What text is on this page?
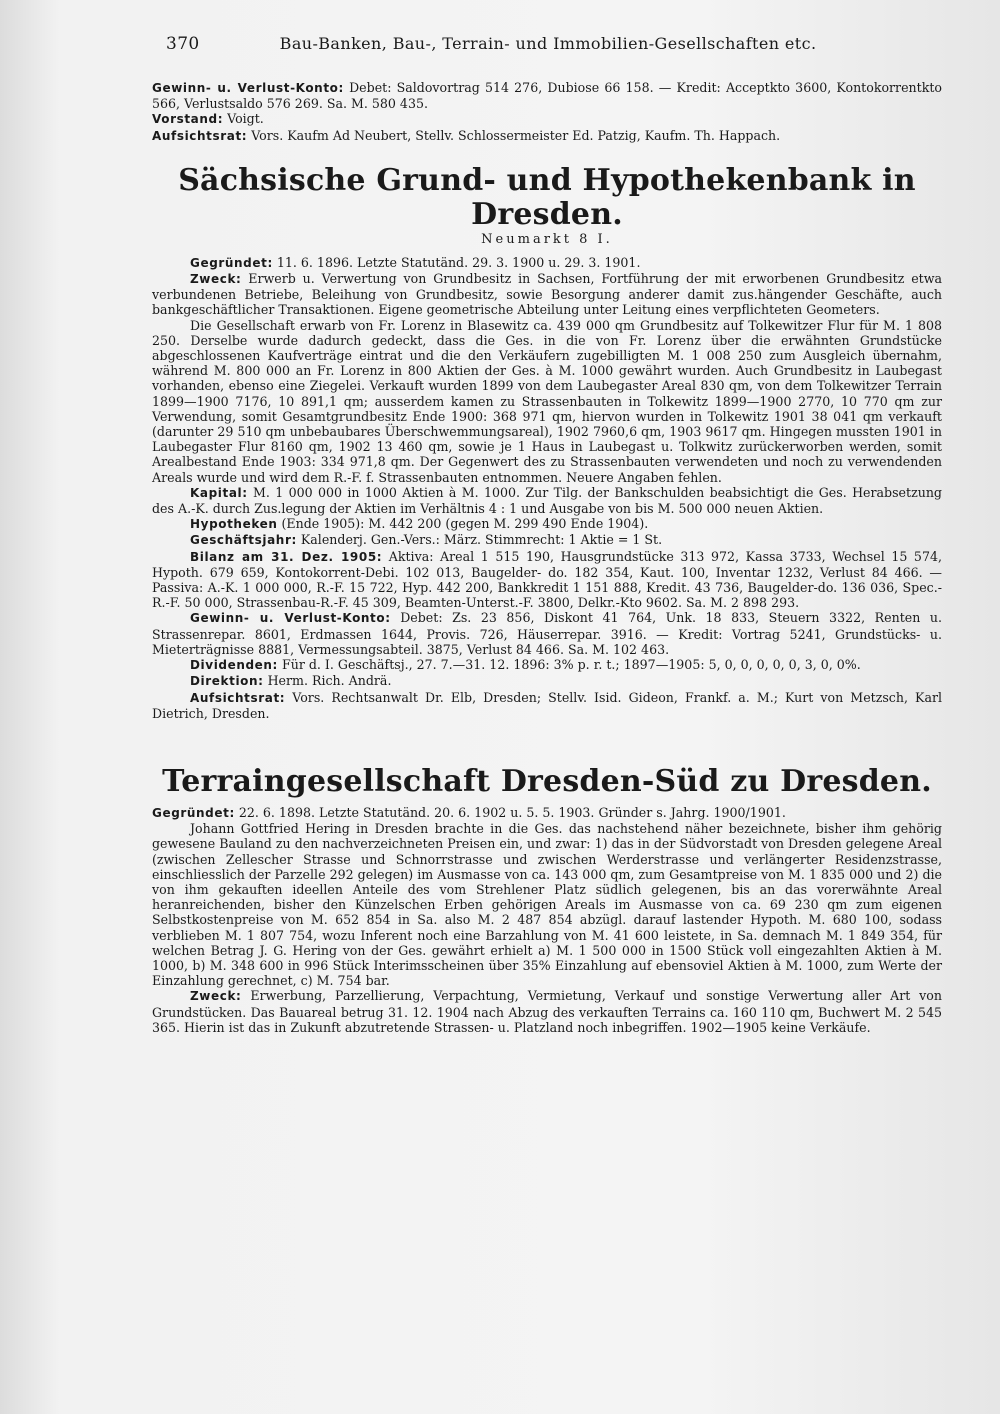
370	Bau-Banken, Bau-, Terrain- und Immobilien-Gesellschaften etc.

Gewinn- u. Verlust-Konto: Debet: Saldovortrag 514 276, Dubiose 66 158. — Kredit: Acceptkto 3600, Kontokorrentkto 566, Verlustsaldo 576 269. Sa. M. 580 435.

Vorstand: Voigt.

Aufsichtsrat: Vors. Kaufm Ad Neubert, Stellv. Schlossermeister Ed. Patzig, Kaufm. Th. Happach.

Sächsische Grund- und Hypothekenbank in Dresden.

Neumarkt 8 I.

Gegründet: 11. 6. 1896. Letzte Statutänd. 29. 3. 1900 u. 29. 3. 1901.

Zweck: Erwerb u. Verwertung von Grundbesitz in Sachsen, Fortführung der mit erworbenen Grundbesitz etwa verbundenen Betriebe, Beleihung von Grundbesitz, sowie Besorgung anderer damit zus.hängender Geschäfte, auch bankgeschäftlicher Transaktionen. Eigene geometrische Abteilung unter Leitung eines verpflichteten Geometers.

Die Gesellschaft erwarb von Fr. Lorenz in Blasewitz ca. 439 000 qm Grundbesitz auf Tolkewitzer Flur für M. 1 808 250. Derselbe wurde dadurch gedeckt, dass die Ges. in die von Fr. Lorenz über die erwähnten Grundstücke abgeschlossenen Kaufverträge eintrat und die den Verkäufern zugebilligten M. 1 008 250 zum Ausgleich übernahm, während M. 800 000 an Fr. Lorenz in 800 Aktien der Ges. à M. 1000 gewährt wurden. Auch Grundbesitz in Laubegast vorhanden, ebenso eine Ziegelei. Verkauft wurden 1899 von dem Laubegaster Areal 830 qm, von dem Tolkewitzer Terrain 1899—1900 7176, 10 891,1 qm; ausserdem kamen zu Strassenbauten in Tolkewitz 1899—1900 2770, 10 770 qm zur Verwendung, somit Gesamtgrundbesitz Ende 1900: 368 971 qm, hiervon wurden in Tolkewitz 1901 38 041 qm verkauft (darunter 29 510 qm unbebaubares Überschwemmungsareal), 1902 7960,6 qm, 1903 9617 qm. Hingegen mussten 1901 in Laubegaster Flur 8160 qm, 1902 13 460 qm, sowie je 1 Haus in Laubegast u. Tolkwitz zurückerworben werden, somit Arealbestand Ende 1903: 334 971,8 qm. Der Gegenwert des zu Strassenbauten verwendeten und noch zu verwendenden Areals wurde und wird dem R.-F. f. Strassenbauten entnommen. Neuere Angaben fehlen.

Kapital: M. 1 000 000 in 1000 Aktien à M. 1000. Zur Tilg. der Bankschulden beabsichtigt die Ges. Herabsetzung des A.-K. durch Zus.legung der Aktien im Verhältnis 4 : 1 und Ausgabe von bis M. 500 000 neuen Aktien.

Hypotheken (Ende 1905): M. 442 200 (gegen M. 299 490 Ende 1904).

Geschäftsjahr: Kalenderj. Gen.-Vers.: März. Stimmrecht: 1 Aktie = 1 St.

Bilanz am 31. Dez. 1905: Aktiva: Areal 1 515 190, Hausgrundstücke 313 972, Kassa 3733, Wechsel 15 574, Hypoth. 679 659, Kontokorrent-Debi. 102 013, Baugelder- do. 182 354, Kaut. 100, Inventar 1232, Verlust 84 466. — Passiva: A.-K. 1 000 000, R.-F. 15 722, Hyp. 442 200, Bankkredit 1 151 888, Kredit. 43 736, Baugelder-do. 136 036, Spec.-R.-F. 50 000, Strassenbau-R.-F. 45 309, Beamten-Unterst.-F. 3800, Delkr.-Kto 9602. Sa. M. 2 898 293.

Gewinn- u. Verlust-Konto: Debet: Zs. 23 856, Diskont 41 764, Unk. 18 833, Steuern 3322, Renten u. Strassenrepar. 8601, Erdmassen 1644, Provis. 726, Häuserrepar. 3916. — Kredit: Vortrag 5241, Grundstücks- u. Mieterträgnisse 8881, Vermessungsabteil. 3875, Verlust 84 466. Sa. M. 102 463.

Dividenden: Für d. I. Geschäftsj., 27. 7.—31. 12. 1896: 3% p. r. t.; 1897—1905: 5, 0, 0, 0, 0, 0, 3, 0, 0%.

Direktion: Herm. Rich. Andrä.

Aufsichtsrat: Vors. Rechtsanwalt Dr. Elb, Dresden; Stellv. Isid. Gideon, Frankf. a. M.; Kurt von Metzsch, Karl Dietrich, Dresden.

Terraingesellschaft Dresden-Süd zu Dresden.

Gegründet: 22. 6. 1898. Letzte Statutänd. 20. 6. 1902 u. 5. 5. 1903. Gründer s. Jahrg. 1900/1901.

Johann Gottfried Hering in Dresden brachte in die Ges. das nachstehend näher bezeichnete, bisher ihm gehörig gewesene Bauland zu den nachverzeichneten Preisen ein, und zwar: 1) das in der Südvorstadt von Dresden gelegene Areal (zwischen Zellescher Strasse und Schnorrstrasse und zwischen Werderstrasse und verlängerter Residenzstrasse, einschliesslich der Parzelle 292 gelegen) im Ausmasse von ca. 143 000 qm, zum Gesamtpreise von M. 1 835 000 und 2) die von ihm gekauften ideellen Anteile des vom Strehlener Platz südlich gelegenen, bis an das vorerwähnte Areal heranreichenden, bisher den Künzelschen Erben gehörigen Areals im Ausmasse von ca. 69 230 qm zum eigenen Selbstkostenpreise von M. 652 854 in Sa. also M. 2 487 854 abzügl. darauf lastender Hypoth. M. 680 100, sodass verblieben M. 1 807 754, wozu Inferent noch eine Barzahlung von M. 41 600 leistete, in Sa. demnach M. 1 849 354, für welchen Betrag J. G. Hering von der Ges. gewährt erhielt a) M. 1 500 000 in 1500 Stück voll eingezahlten Aktien à M. 1000, b) M. 348 600 in 996 Stück Interimsscheinen über 35% Einzahlung auf ebensoviel Aktien à M. 1000, zum Werte der Einzahlung gerechnet, c) M. 754 bar.

Zweck: Erwerbung, Parzellierung, Verpachtung, Vermietung, Verkauf und sonstige Verwertung aller Art von Grundstücken. Das Bauareal betrug 31. 12. 1904 nach Abzug des verkauften Terrains ca. 160 110 qm, Buchwert M. 2 545 365. Hierin ist das in Zukunft abzutretende Strassen- u. Platzland noch inbegriffen. 1902—1905 keine Verkäufe.
